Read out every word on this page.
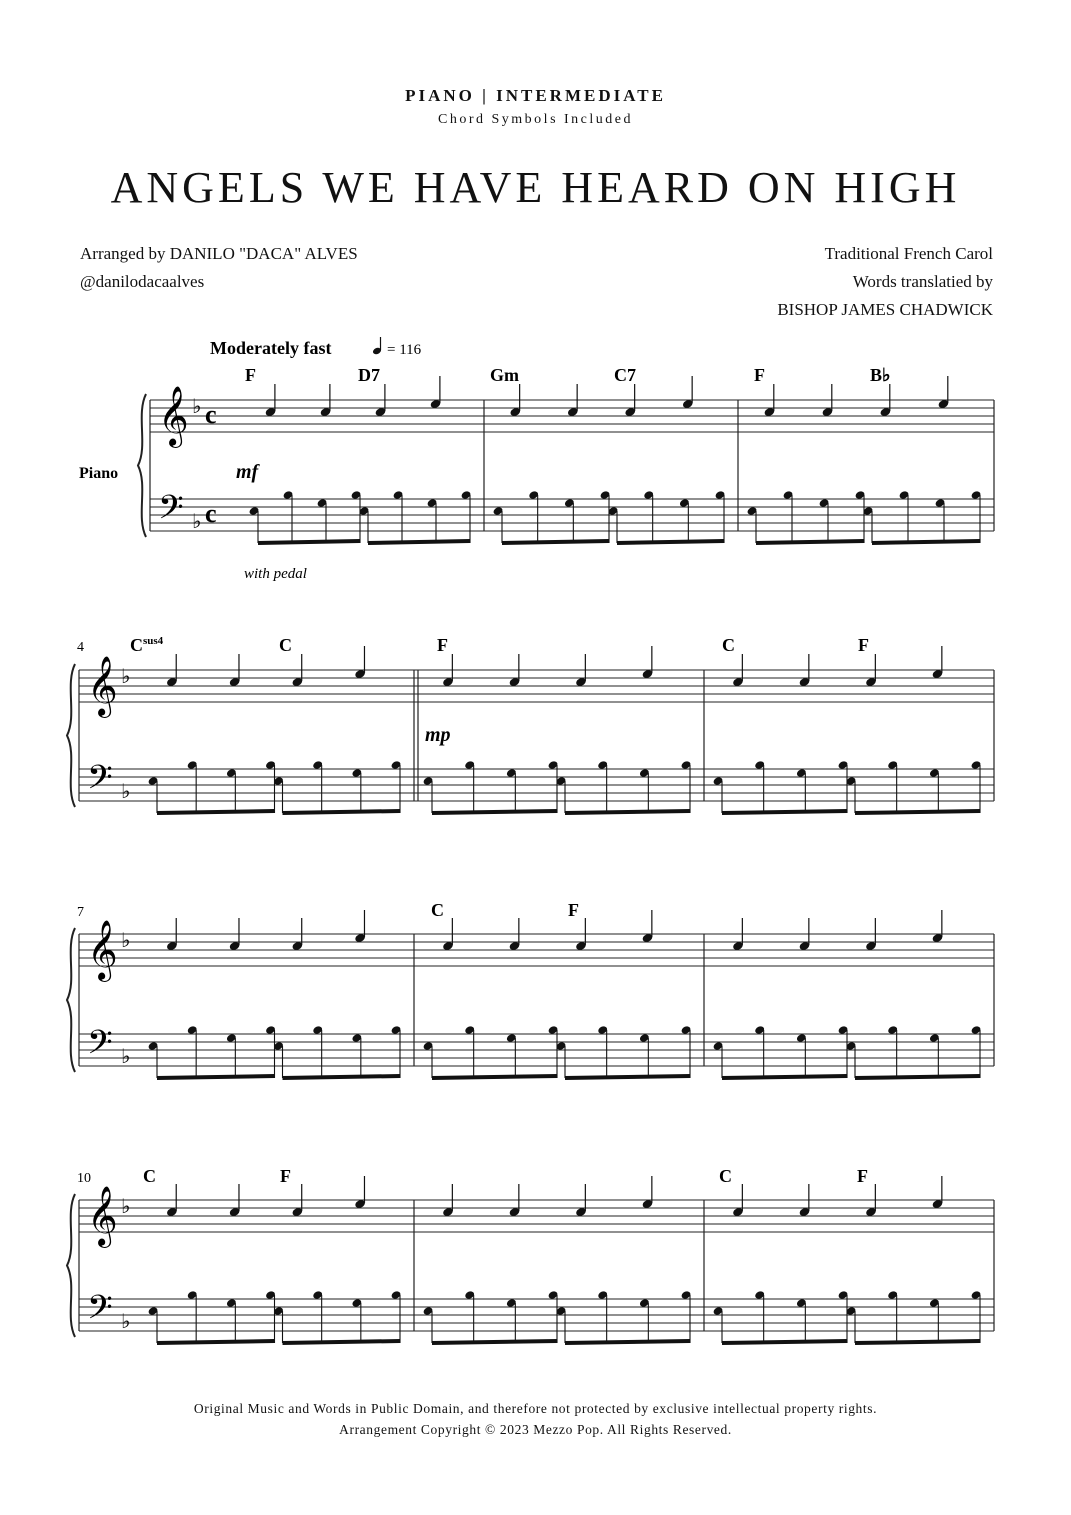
PIANO | INTERMEDIATE
Chord Symbols Included
ANGELS WE HAVE HEARD ON HIGH
Arranged by DANILO "DACA" ALVES
@danilodacaalves
Traditional French Carol
Words translatied by
BISHOP JAMES CHADWICK
Moderately fast	= 116
Piano
with pedal
𝄞
𝄢
♭
♭
c
c
F	D7	Gm	C7	F	B♭
mf
𝄞
𝄢
♭
♭
4	$C^{sus4}$	C	F	C	F
mp
𝄞
𝄢
♭
♭
7	C	F
𝄞
𝄢
♭
♭
10	C	F	C	F
Original Music and Words in Public Domain, and therefore not protected by exclusive intellectual property rights.
Arrangement Copyright © 2023 Mezzo Pop. All Rights Reserved.
